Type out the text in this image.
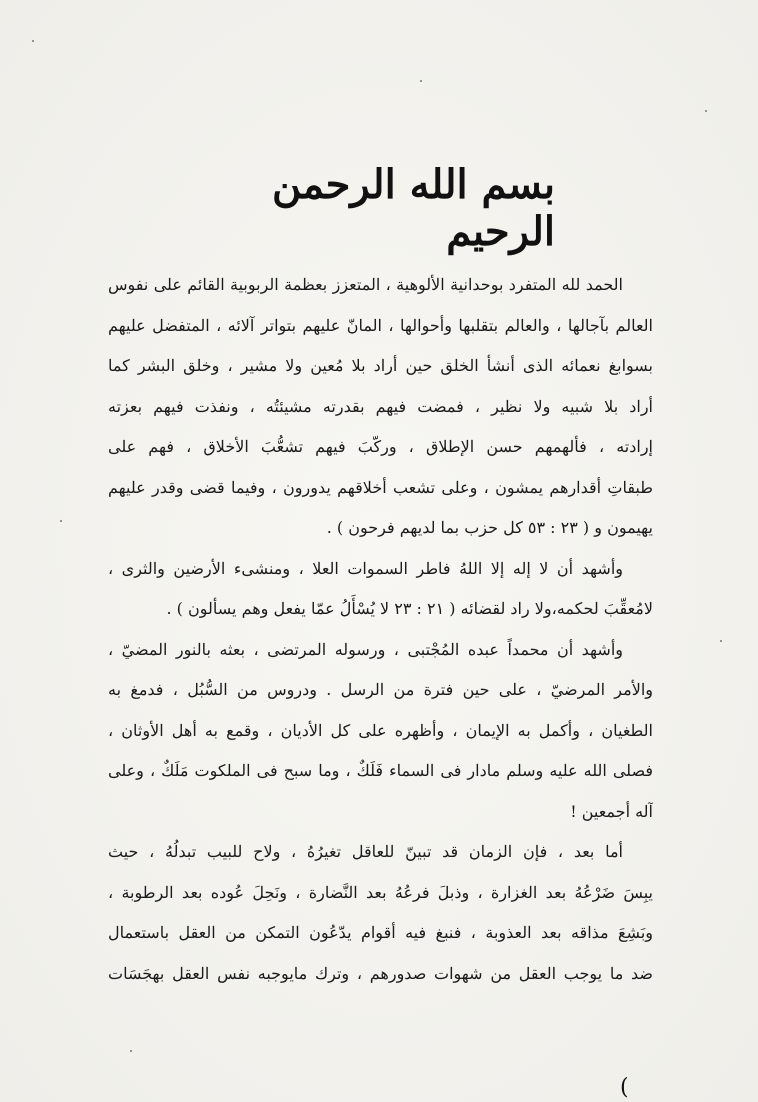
بسم الله الرحمن الرحيم
الحمد لله المتفرد بوحدانية الألوهية ، المتعزز بعظمة الربوبية القائم على نفوس
العالم بآجالها ، والعالم بتقلبها وأحوالها ، المانّ عليهم بتواتر آلائه ، المتفضل عليهم
بسوابغ نعمائه الذى أنشأ الخلق حين أراد بلا مُعين ولا مشير ، وخلق البشر كما
أراد بلا شبيه ولا نظير ، فمضت فيهم بقدرته مشيئتُه ، ونفذت فيهم بعزته
إرادته ، فألهمهم حسن الإطلاق ، وركّبَ فيهم تشعُّبَ الأخلاق ، فهم على
طبقاتِ أقدارهم يمشون ، وعلى تشعب أخلاقهم يدورون ، وفيما قضى وقدر عليهم
يهيمون و ( ٢٣ : ٥٣ كل حزب بما لديهم فرحون ) .
وأشهد أن لا إله إلا اللهُ فاطر السموات العلا ، ومنشىء الأرضين والثرى ،
لامُعقِّبَ لحكمه،ولا راد لقضائه ( ٢١ : ٢٣ لا يُسْأَلُ عمّا يفعل وهم يسألون ) .
وأشهد أن محمداً عبده المُجْتبى ، ورسوله المرتضى ، بعثه بالنور المضيّ ،
والأمر المرضيّ ، على حين فترة من الرسل . ودروس من السُّبُل ، فدمغ به
الطغيان ، وأكمل به الإيمان ، وأظهره على كل الأديان ، وقمع به أهل الأوثان ،
فصلى الله عليه وسلم مادار فى السماء فَلَكٌ ، وما سبح فى الملكوت مَلَكٌ ، وعلى
آله أجمعين !
أما بعد ، فإن الزمان قد تبينّ للعاقل تغيرُهُ ، ولاح للبيب تبدلُهُ ، حيث
يبِسَ ضَرْعُهُ بعد الغزارة ، وذبلَ فرعُهُ بعد النَّضارة ، ونَحِلَ عُوده بعد الرطوبة ،
وبَشِعَ مذاقه بعد العذوبة ، فنبغ فيه أقوام يدّعُون التمكن من العقل باستعمال
ضد ما يوجب العقل من شهوات صدورهم ، وترك مايوجبه نفس العقل بهجَسَات
(
